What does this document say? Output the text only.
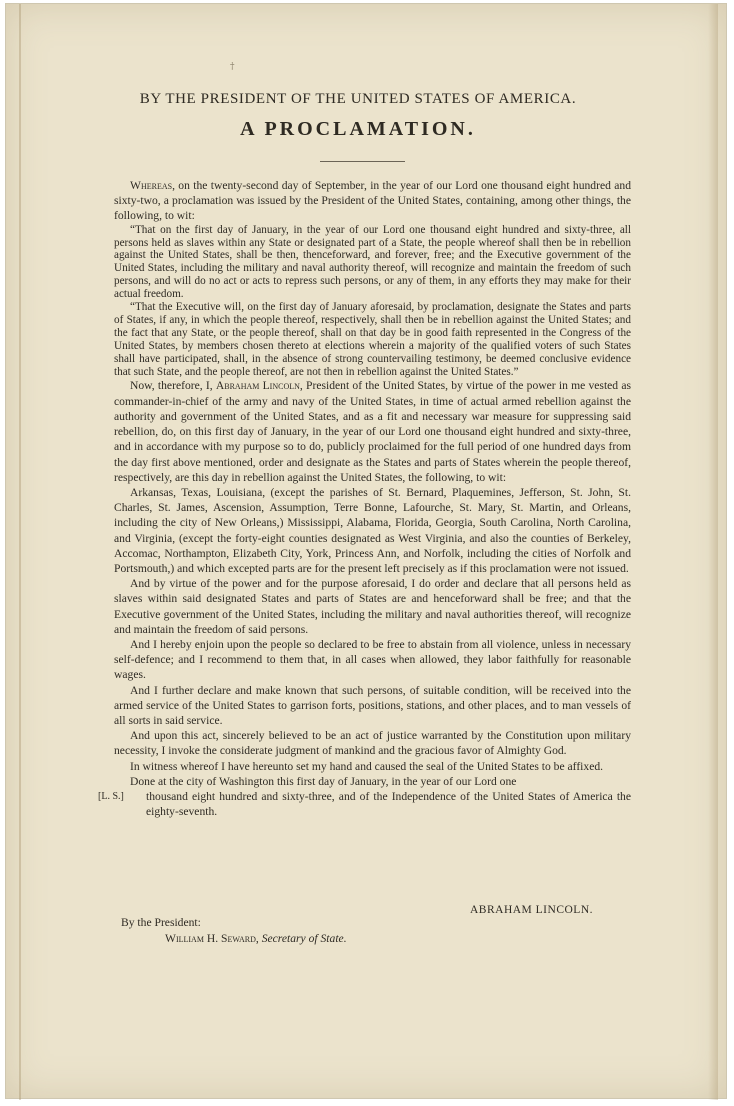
†
BY THE PRESIDENT OF THE UNITED STATES OF AMERICA.
A PROCLAMATION.

Whereas, on the twenty-second day of September, in the year of our Lord one thousand eight hundred and sixty-two, a proclamation was issued by the President of the United States, containing, among other things, the following, to wit:

“That on the first day of January, in the year of our Lord one thousand eight hundred and sixty-three, all persons held as slaves within any State or designated part of a State, the people whereof shall then be in rebellion against the United States, shall be then, thenceforward, and forever, free; and the Executive government of the United States, including the military and naval authority thereof, will recognize and maintain the freedom of such persons, and will do no act or acts to repress such persons, or any of them, in any efforts they may make for their actual freedom.

“That the Executive will, on the first day of January aforesaid, by proclamation, designate the States and parts of States, if any, in which the people thereof, respectively, shall then be in rebellion against the United States; and the fact that any State, or the people thereof, shall on that day be in good faith represented in the Congress of the United States, by members chosen thereto at elections wherein a majority of the qualified voters of such States shall have participated, shall, in the absence of strong countervailing testimony, be deemed conclusive evidence that such State, and the people thereof, are not then in rebellion against the United States.”

Now, therefore, I, Abraham Lincoln, President of the United States, by virtue of the power in me vested as commander-in-chief of the army and navy of the United States, in time of actual armed rebellion against the authority and government of the United States, and as a fit and necessary war measure for suppressing said rebellion, do, on this first day of January, in the year of our Lord one thousand eight hundred and sixty-three, and in accordance with my purpose so to do, publicly proclaimed for the full period of one hundred days from the day first above mentioned, order and designate as the States and parts of States wherein the people thereof, respectively, are this day in rebellion against the United States, the following, to wit:

Arkansas, Texas, Louisiana, (except the parishes of St. Bernard, Plaquemines, Jefferson, St. John, St. Charles, St. James, Ascension, Assumption, Terre Bonne, Lafourche, St. Mary, St. Martin, and Orleans, including the city of New Orleans,) Mississippi, Alabama, Florida, Georgia, South Carolina, North Carolina, and Virginia, (except the forty-eight counties designated as West Virginia, and also the counties of Berkeley, Accomac, Northampton, Elizabeth City, York, Princess Ann, and Norfolk, including the cities of Norfolk and Portsmouth,) and which excepted parts are for the present left precisely as if this proclamation were not issued.

And by virtue of the power and for the purpose aforesaid, I do order and declare that all persons held as slaves within said designated States and parts of States are and henceforward shall be free; and that the Executive government of the United States, including the military and naval authorities thereof, will recognize and maintain the freedom of said persons.

And I hereby enjoin upon the people so declared to be free to abstain from all violence, unless in necessary self-defence; and I recommend to them that, in all cases when allowed, they labor faithfully for reasonable wages.

And I further declare and make known that such persons, of suitable condition, will be received into the armed service of the United States to garrison forts, positions, stations, and other places, and to man vessels of all sorts in said service.

And upon this act, sincerely believed to be an act of justice warranted by the Constitution upon military necessity, I invoke the considerate judgment of mankind and the gracious favor of Almighty God.

In witness whereof I have hereunto set my hand and caused the seal of the United States to be affixed.

[L. S.]

Done at the city of Washington this first day of January, in the year of our Lord one

thousand eight hundred and sixty-three, and of the Independence of the United States of America the eighty-seventh.

ABRAHAM LINCOLN.
By the President:
William H. Seward, Secretary of State.
